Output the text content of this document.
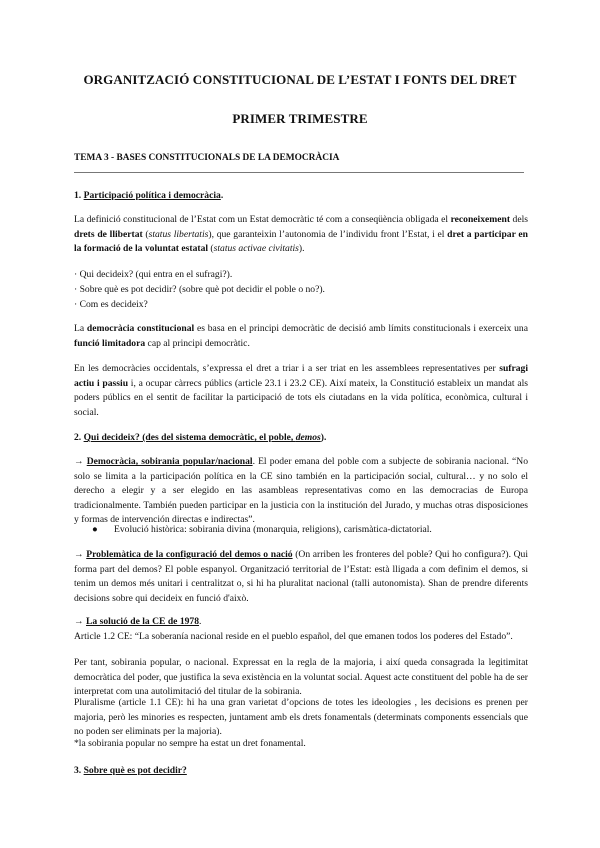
ORGANITZACIÓ CONSTITUCIONAL DE L’ESTAT I FONTS DEL DRET
PRIMER TRIMESTRE
TEMA 3 - BASES CONSTITUCIONALS DE LA DEMOCRÀCIA
1. Participació política i democràcia.
La definició constitucional de l’Estat com un Estat democràtic té com a conseqüència obligada el reconeixement dels drets de llibertat (status libertatis), que garanteixin l’autonomia de l’individu front l’Estat, i el dret a participar en la formació de la voluntat estatal (status activae civitatis).
· Qui decideix? (qui entra en el sufragi?).
· Sobre què es pot decidir? (sobre què pot decidir el poble o no?).
· Com es decideix?
La democràcia constitucional es basa en el principi democràtic de decisió amb límits constitucionals i exerceix una funció limitadora cap al principi democràtic.
En les democràcies occidentals, s’expressa el dret a triar i a ser triat en les assemblees representatives per sufragi actiu i passiu i, a ocupar càrrecs públics (article 23.1 i 23.2 CE). Així mateix, la Constitució estableix un mandat als poders públics en el sentit de facilitar la participació de tots els ciutadans en la vida política, econòmica, cultural i social.
2. Qui decideix? (des del sistema democràtic, el poble, demos).
→ Democràcia, sobirania popular/nacional. El poder emana del poble com a subjecte de sobirania nacional. “No solo se limita a la participación política en la CE sino también en la participación social, cultural… y no solo el derecho a elegir y a ser elegido en las asambleas representativas como en las democracias de Europa tradicionalmente. También pueden participar en la justicia con la institución del Jurado, y muchas otras disposiciones y formas de intervención directas e indirectas”.
● Evolució històrica: sobirania divina (monarquia, religions), carismàtica-dictatorial.
→ Problemàtica de la configuració del demos o nació (On arriben les fronteres del poble? Qui ho configura?). Qui forma part del demos? El poble espanyol. Organització territorial de l’Estat: està lligada a com definim el demos, si tenim un demos més unitari i centralitzat o, si hi ha pluralitat nacional (talli autonomista). Shan de prendre diferents decisions sobre qui decideix en funció d'això.
→ La solució de la CE de 1978.
Article 1.2 CE: “La soberanía nacional reside en el pueblo español, del que emanen todos los poderes del Estado”.
Per tant, sobirania popular, o nacional. Expressat en la regla de la majoria, i així queda consagrada la legitimitat democràtica del poder, que justifica la seva existència en la voluntat social. Aquest acte constituent del poble ha de ser interpretat com una autolimitació del titular de la sobirania.
Pluralisme (article 1.1 CE): hi ha una gran varietat d’opcions de totes les ideologies , les decisions es prenen per majoria, però les minories es respecten, juntament amb els drets fonamentals (determinats components essencials que no poden ser eliminats per la majoria).
*la sobirania popular no sempre ha estat un dret fonamental.
3. Sobre què es pot decidir?
